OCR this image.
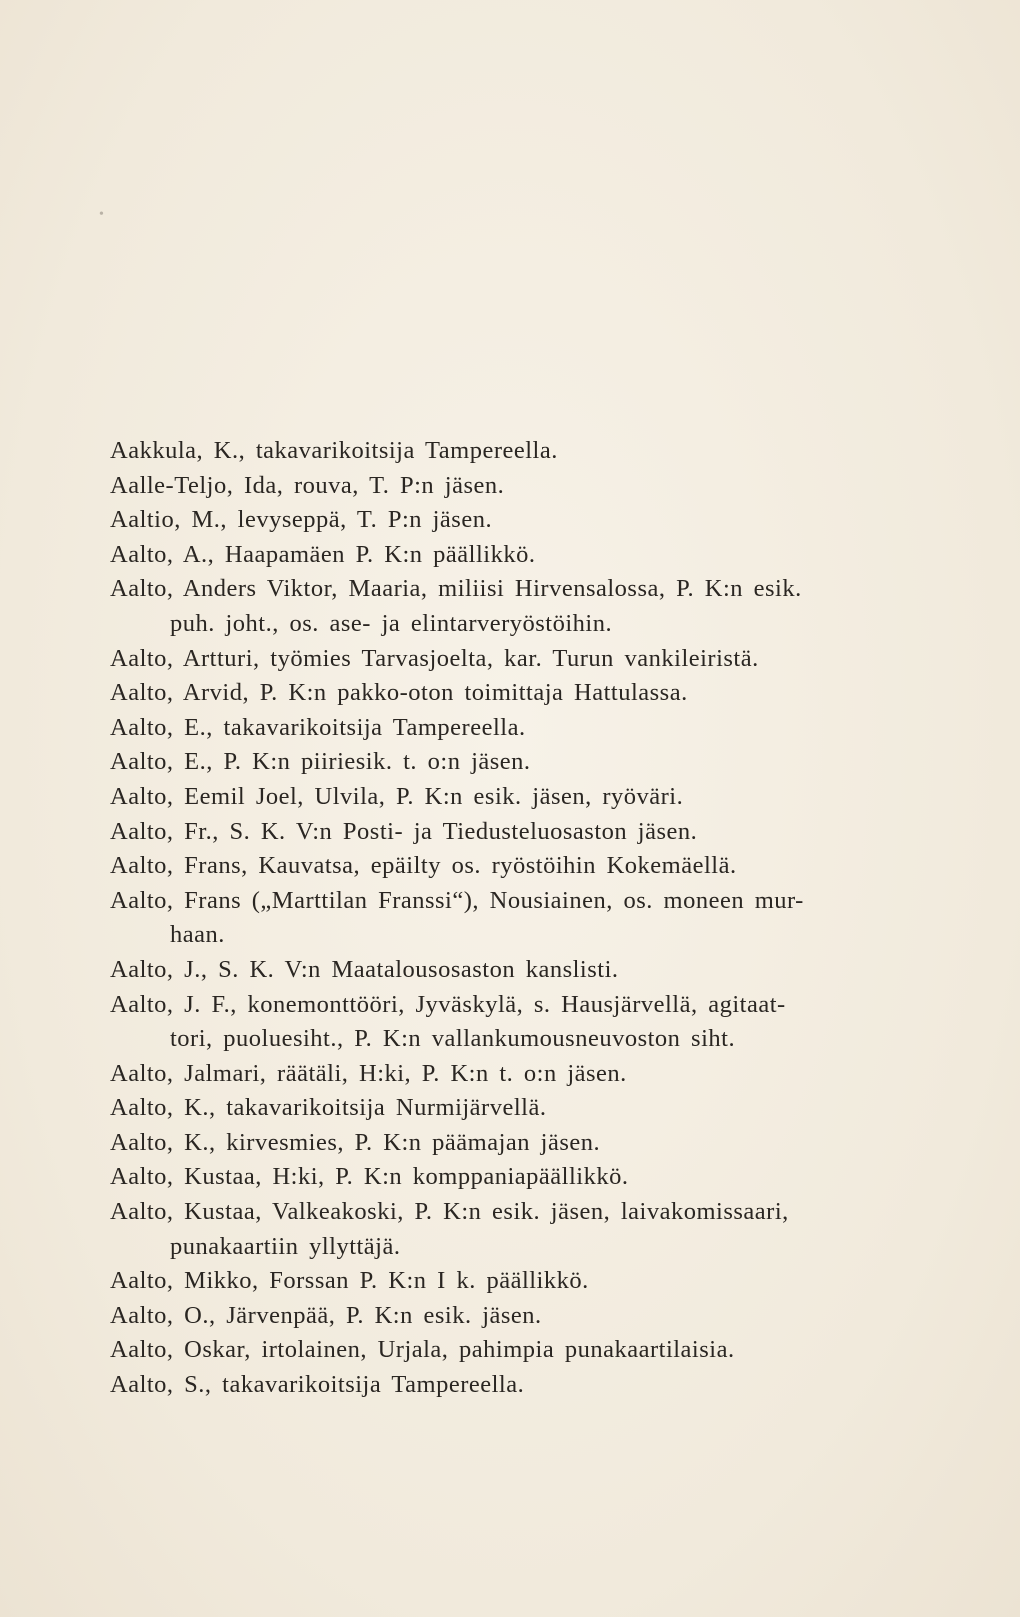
•
Aakkula, K., takavarikoitsija Tampereella.
Aalle-Teljo, Ida, rouva, T. P:n jäsen.
Aaltio, M., levyseppä, T. P:n jäsen.
Aalto, A., Haapamäen P. K:n päällikkö.
Aalto, Anders Viktor, Maaria, miliisi Hirvensalossa, P. K:n esik.
puh. joht., os. ase- ja elintarveryöstöihin.
Aalto, Artturi, työmies Tarvasjoelta, kar. Turun vankileiristä.
Aalto, Arvid, P. K:n pakko-oton toimittaja Hattulassa.
Aalto, E., takavarikoitsija Tampereella.
Aalto, E., P. K:n piiriesik. t. o:n jäsen.
Aalto, Eemil Joel, Ulvila, P. K:n esik. jäsen, ryöväri.
Aalto, Fr., S. K. V:n Posti- ja Tiedusteluosaston jäsen.
Aalto, Frans, Kauvatsa, epäilty os. ryöstöihin Kokemäellä.
Aalto, Frans („Marttilan Franssi“), Nousiainen, os. moneen mur-
haan.
Aalto, J., S. K. V:n Maatalousosaston kanslisti.
Aalto, J. F., konemonttööri, Jyväskylä, s. Hausjärvellä, agitaat-
tori, puoluesiht., P. K:n vallankumousneuvoston siht.
Aalto, Jalmari, räätäli, H:ki, P. K:n t. o:n jäsen.
Aalto, K., takavarikoitsija Nurmijärvellä.
Aalto, K., kirvesmies, P. K:n päämajan jäsen.
Aalto, Kustaa, H:ki, P. K:n komppaniapäällikkö.
Aalto, Kustaa, Valkeakoski, P. K:n esik. jäsen, laivakomissaari,
punakaartiin yllyttäjä.
Aalto, Mikko, Forssan P. K:n I k. päällikkö.
Aalto, O., Järvenpää, P. K:n esik. jäsen.
Aalto, Oskar, irtolainen, Urjala, pahimpia punakaartilaisia.
Aalto, S., takavarikoitsija Tampereella.
